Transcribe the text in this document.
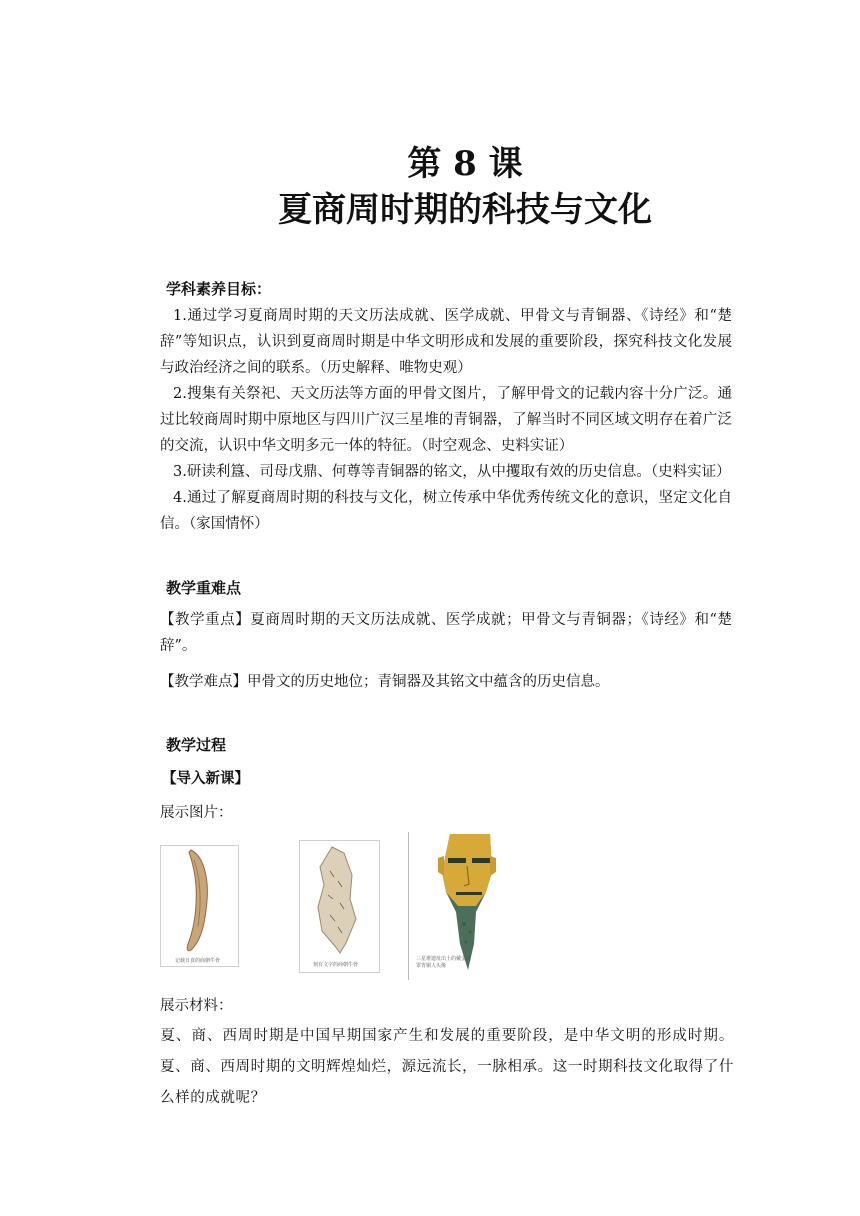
第 8 课
夏商周时期的科技与文化
学科素养目标：
1.通过学习夏商周时期的天文历法成就、医学成就、甲骨文与青铜器、《诗经》和“楚辞”等知识点，认识到夏商周时期是中华文明形成和发展的重要阶段，探究科技文化发展与政治经济之间的联系。（历史解释、唯物史观）
2.搜集有关祭祀、天文历法等方面的甲骨文图片，了解甲骨文的记载内容十分广泛。通过比较商周时期中原地区与四川广汉三星堆的青铜器，了解当时不同区域文明存在着广泛的交流，认识中华文明多元一体的特征。（时空观念、史料实证）
3.研读利簋、司母戊鼎、何尊等青铜器的铭文，从中攫取有效的历史信息。（史料实证）
4.通过了解夏商周时期的科技与文化，树立传承中华优秀传统文化的意识，坚定文化自信。（家国情怀）
教学重难点
【教学重点】夏商周时期的天文历法成就、医学成就；甲骨文与青铜器；《诗经》和“楚辞”。
【教学难点】甲骨文的历史地位；青铜器及其铭文中蕴含的历史信息。
教学过程
【导入新课】
展示图片：
记载日食的商朝牛骨
刻有文字的商朝牛骨
三星堆遗址出土的戴金面罩青铜人头像
展示材料：
夏、商、西周时期是中国早期国家产生和发展的重要阶段，是中华文明的形成时期。夏、商、西周时期的文明辉煌灿烂，源远流长，一脉相承。这一时期科技文化取得了什么样的成就呢？
